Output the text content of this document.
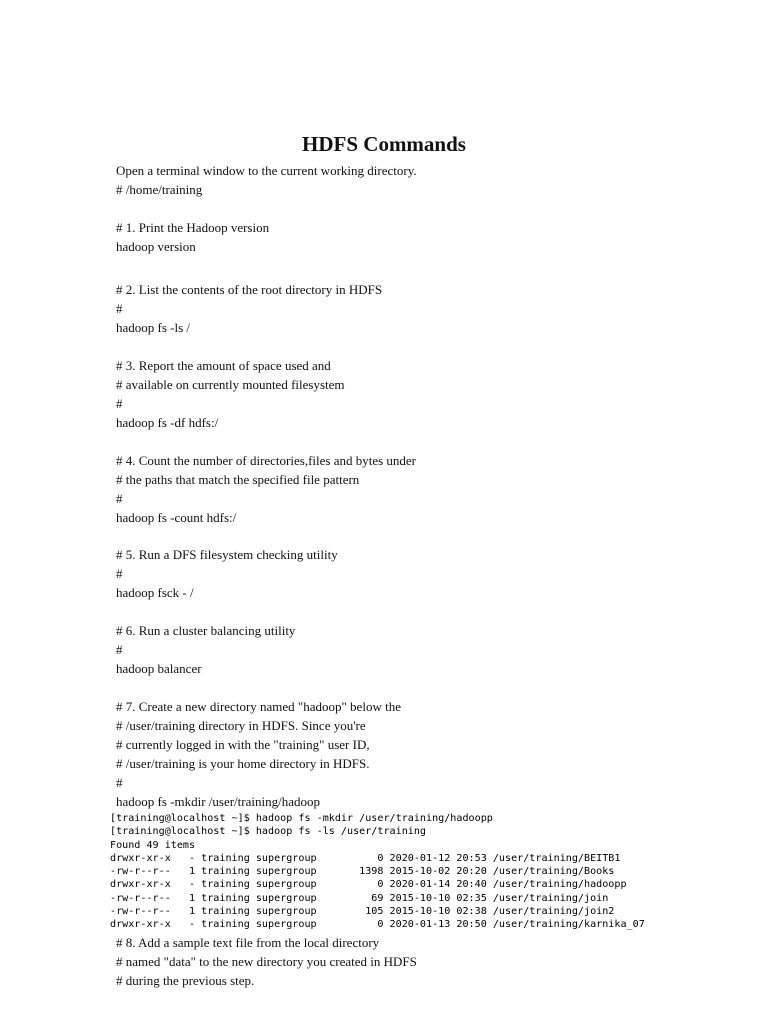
HDFS Commands
Open a terminal window to the current working directory.
# /home/training
# 1. Print the Hadoop version
hadoop version
# 2. List the contents of the root directory in HDFS
#
hadoop fs -ls /
# 3. Report the amount of space used and
# available on currently mounted filesystem
#
hadoop fs -df hdfs:/
# 4. Count the number of directories,files and bytes under
# the paths that match the specified file pattern
#
hadoop fs -count hdfs:/
# 5. Run a DFS filesystem checking utility
#
hadoop fsck - /
# 6. Run a cluster balancing utility
#
hadoop balancer
# 7. Create a new directory named "hadoop" below the
# /user/training directory in HDFS. Since you're
# currently logged in with the "training" user ID,
# /user/training is your home directory in HDFS.
#
hadoop fs -mkdir /user/training/hadoop
[training@localhost ~]$ hadoop fs -mkdir /user/training/hadoopp
[training@localhost ~]$ hadoop fs -ls /user/training
Found 49 items
drwxr-xr-x   - training supergroup          0 2020-01-12 20:53 /user/training/BEITB1
-rw-r--r--   1 training supergroup       1398 2015-10-02 20:20 /user/training/Books
drwxr-xr-x   - training supergroup          0 2020-01-14 20:40 /user/training/hadoopp
-rw-r--r--   1 training supergroup         69 2015-10-10 02:35 /user/training/join
-rw-r--r--   1 training supergroup        105 2015-10-10 02:38 /user/training/join2
drwxr-xr-x   - training supergroup          0 2020-01-13 20:50 /user/training/karnika_07
# 8. Add a sample text file from the local directory
# named "data" to the new directory you created in HDFS
# during the previous step.
